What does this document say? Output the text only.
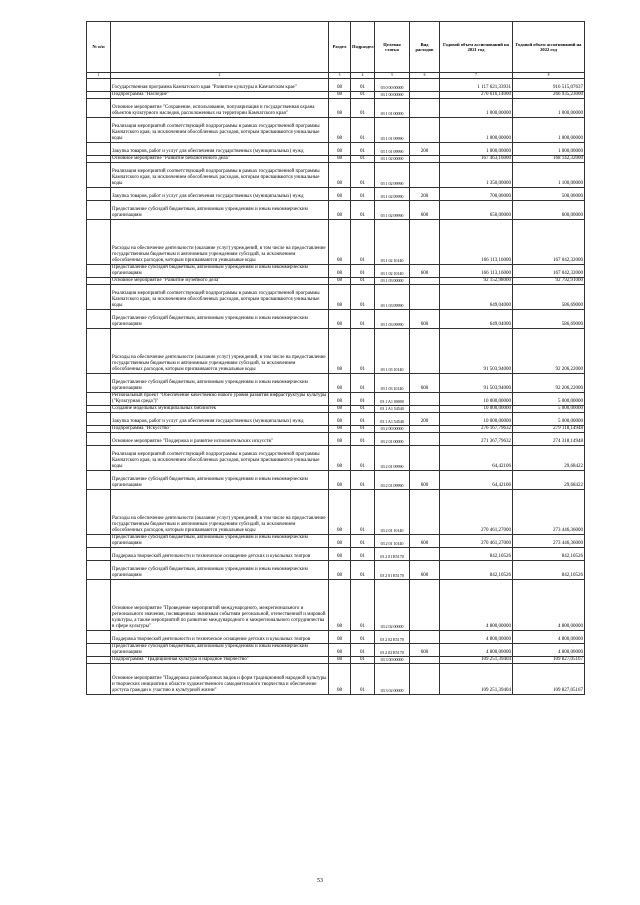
№ п/п		Раздел	Подраздел	Целевая статья	Вид расходов	Годовой объем ассигнований на 2021 год	Годовой объем ассигнований на 2022 год
1	2	3	4	5	6	7	8
	Государственная программа Камчатского края "Развитие культуры в Камчатском крае"	08	01	03 0 00 00000		1 117 621,33931	916 515,07637
	Подпрограмма "Наследие"	08	01	03 1 00 00000		270 616,14000	266 935,23000
	Основное мероприятие "Сохранение, использование, популяризация и государственная охрана объектов культурного наследия, расположенных на территории Камчатского края"	08	01	03 1 01 00000		1 000,00000	1 000,00000
	Реализация мероприятий соответствующей подпрограммы в рамках государственной программы Камчатского края, за исключением обособленных расходов, которым присваиваются уникальные коды	08	01	03 1 01 09990		1 000,00000	1 000,00000
	Закупка товаров, работ и услуг для обеспечения государственных (муниципальных) нужд	08	01	03 1 01 09990	200	1 000,00000	1 000,00000
	Основное мероприятие "Развитие библиотечного дела"	08	01	03 1 02 00000		167 463,16000	168 142,32000
	Реализация мероприятий соответствующей подпрограммы в рамках государственной программы Камчатского края, за исключением обособленных расходов, которым присваиваются уникальные коды	08	01	03 1 02 09990		1 350,00000	1 100,00000
	Закупка товаров, работ и услуг для обеспечения государственных (муниципальных) нужд	08	01	03 1 02 09990	200	700,00000	500,00000
	Предоставление субсидий бюджетным, автономным учреждениям и иным некоммерческим организациям	08	01	03 1 02 09990	600	650,00000	600,00000
	Расходы на обеспечение деятельности (оказание услуг) учреждений, в том числе на предоставление государственным бюджетным и автономным учреждениям субсидий, за исключением обособленных расходов, которым присваиваются уникальные коды	08	01	03 1 02 10140		166 113,16000	167 042,32000
	Предоставление субсидий бюджетным, автономным учреждениям и иным некоммерческим организациям	08	01	03 1 02 10140	600	166 113,16000	167 042,32000
	Основное мероприятие "Развитие музейного дела"	08	01	03 1 03 00000		92 152,98000	92 792,91000
	Реализация мероприятий соответствующей подпрограммы в рамках государственной программы Камчатского края, за исключением обособленных расходов, которым присваиваются уникальные коды	08	01	03 1 03 09990		649,04000	586,69000
	Предоставление субсидий бюджетным, автономным учреждениям и иным некоммерческим организациям	08	01	03 1 03 09990	600	649,04000	586,69000
	Расходы на обеспечение деятельности (оказание услуг) учреждений, в том числе на предоставление государственным бюджетным и автономным учреждениям субсидий, за исключением обособленных расходов, которым присваиваются уникальные коды	08	01	03 1 03 10140		91 503,94000	92 206,22000
	Предоставление субсидий бюджетным, автономным учреждениям и иным некоммерческим организациям	08	01	03 1 03 10140	600	91 503,94000	92 206,22000
	Региональный проект "Обеспечение качественно нового уровня развития инфраструктуры культуры ("Культурная среда")"	08	01	03 1 A1 00000		10 000,00000	5 000,00000
	Создание модельных муниципальных библиотек	08	01	03 1 A1 54540		10 000,00000	5 000,00000
	Закупка товаров, работ и услуг для обеспечения государственных (муниципальных) нужд	08	01	03 1 A1 54540	200	10 000,00000	5 000,00000
	Подпрограмма "Искусство"	08	01	03 2 00 00000		276 167,79632	279 118,14948
	Основное мероприятие "Поддержка и развитие исполнительских искусств"	08	01	03 2 01 00000		271 367,79632	274 318,14948
	Реализация мероприятий соответствующей подпрограммы в рамках государственной программы Камчатского края, за исключением обособленных расходов, которым присваиваются уникальные коды	08	01	03 2 01 09990		64,42106	29,68422
	Предоставление субсидий бюджетным, автономным учреждениям и иным некоммерческим организациям	08	01	03 2 01 09990	600	64,42106	29,68422
	Расходы на обеспечение деятельности (оказание услуг) учреждений, в том числе на предоставление государственным бюджетным и автономным учреждениям субсидий, за исключением обособленных расходов, которым присваиваются уникальные коды	08	01	03 2 01 10140		270 461,27000	273 446,36000
	Предоставление субсидий бюджетным, автономным учреждениям и иным некоммерческим организациям	08	01	03 2 01 10140	600	270 461,27000	273 446,36000
	Поддержка творческой деятельности и техническое оснащение детских и кукольных театров	08	01	03 2 01 R5170		842,10526	842,10526
	Предоставление субсидий бюджетным, автономным учреждениям и иным некоммерческим организациям	08	01	03 2 01 R5170	600	842,10526	842,10526
	Основное мероприятие "Проведение мероприятий международного, межрегионального и регионального значения, посвященных значимым событиям регональной, отечественной и мировой культуры, а также мероприятий по развитию международного и межрегионального сотрудничества в сфере культуры"	08	01	03 2 02 00000		4 800,00000	4 800,00000
	Поддержка творческой деятельности и техническое оснащение детских и кукольных театров	08	01	03 2 02 R5170		4 800,00000	4 800,00000
	Предоставление субсидий бюджетным, автономным учреждениям и иным некоммерческим организациям	08	01	03 2 02 R5170	600	4 800,00000	4 800,00000
	Подпрограмма "Традиционная культура и народное творчество"	08	01	03 3 00 00000		109 251,39404	109 827,05167
	Основное мероприятие "Поддержка разнообразных видов и форм традиционной народной культуры и творческих инициатив в области художественного самодеятельного творчества и обеспечение доступа граждан к участию в культурной жизни"	08	01	03 3 02 00000		109 251,39404	109 827,05167
53
